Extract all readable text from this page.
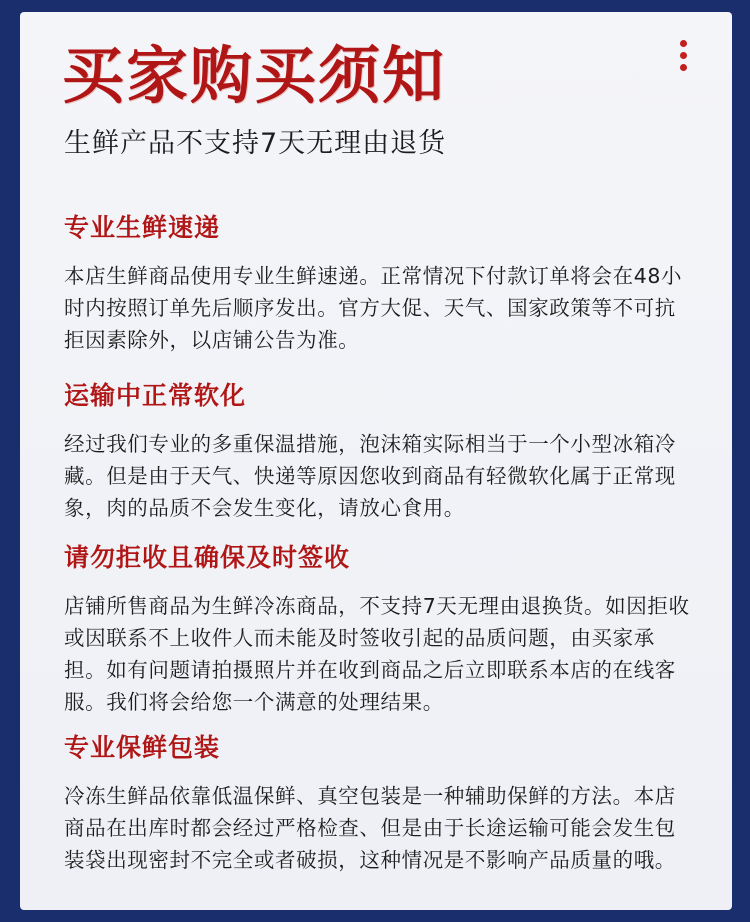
买家购买须知
生鲜产品不支持7天无理由退货
专业生鲜速递

本店生鲜商品使用专业生鲜速递。正常情况下付款订单将会在48小时内按照订单先后顺序发出。官方大促、天气、国家政策等不可抗拒因素除外，以店铺公告为准。

运输中正常软化

经过我们专业的多重保温措施，泡沫箱实际相当于一个小型冰箱冷藏。但是由于天气、快递等原因您收到商品有轻微软化属于正常现象，肉的品质不会发生变化，请放心食用。

请勿拒收且确保及时签收

店铺所售商品为生鲜冷冻商品，不支持7天无理由退换货。如因拒收或因联系不上收件人而未能及时签收引起的品质问题，由买家承担。如有问题请拍摄照片并在收到商品之后立即联系本店的在线客服。我们将会给您一个满意的处理结果。

专业保鲜包装

冷冻生鲜品依靠低温保鲜、真空包装是一种辅助保鲜的方法。本店商品在出库时都会经过严格检查、但是由于长途运输可能会发生包装袋出现密封不完全或者破损，这种情况是不影响产品质量的哦。
